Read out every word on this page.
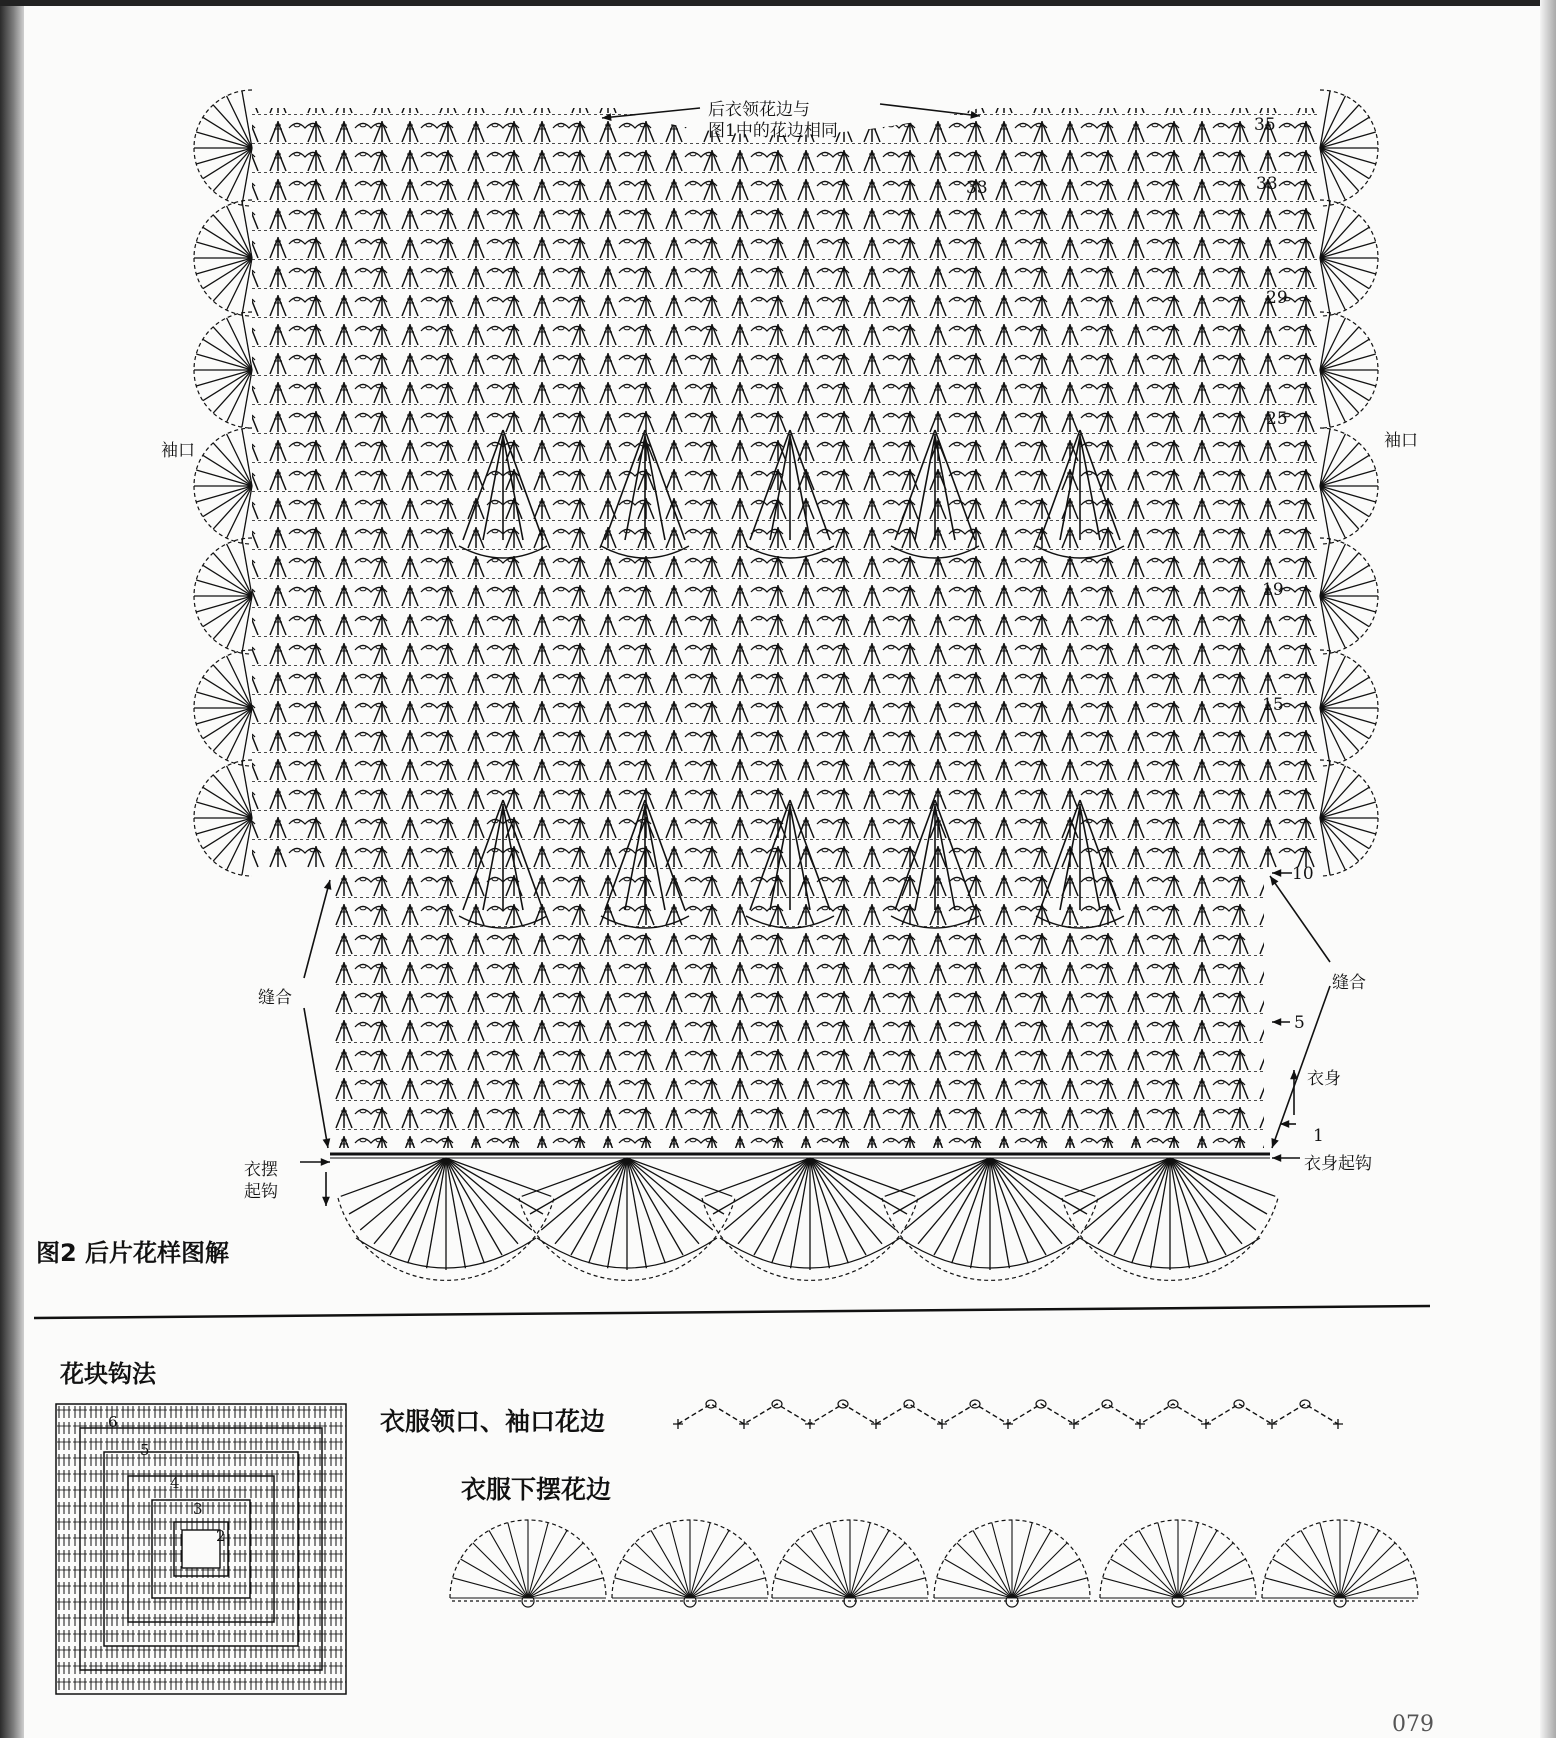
后衣领花边与
图1中的花边相同
袖口	袖口
缝合
缝合
衣身
衣摆
起钩
衣身起钩
35
33	33
29
25
19
15
10
5
1
图2 后片花样图解
花块钩法
衣服领口、袖口花边
衣服下摆花边
6
5
4
3
2
079
